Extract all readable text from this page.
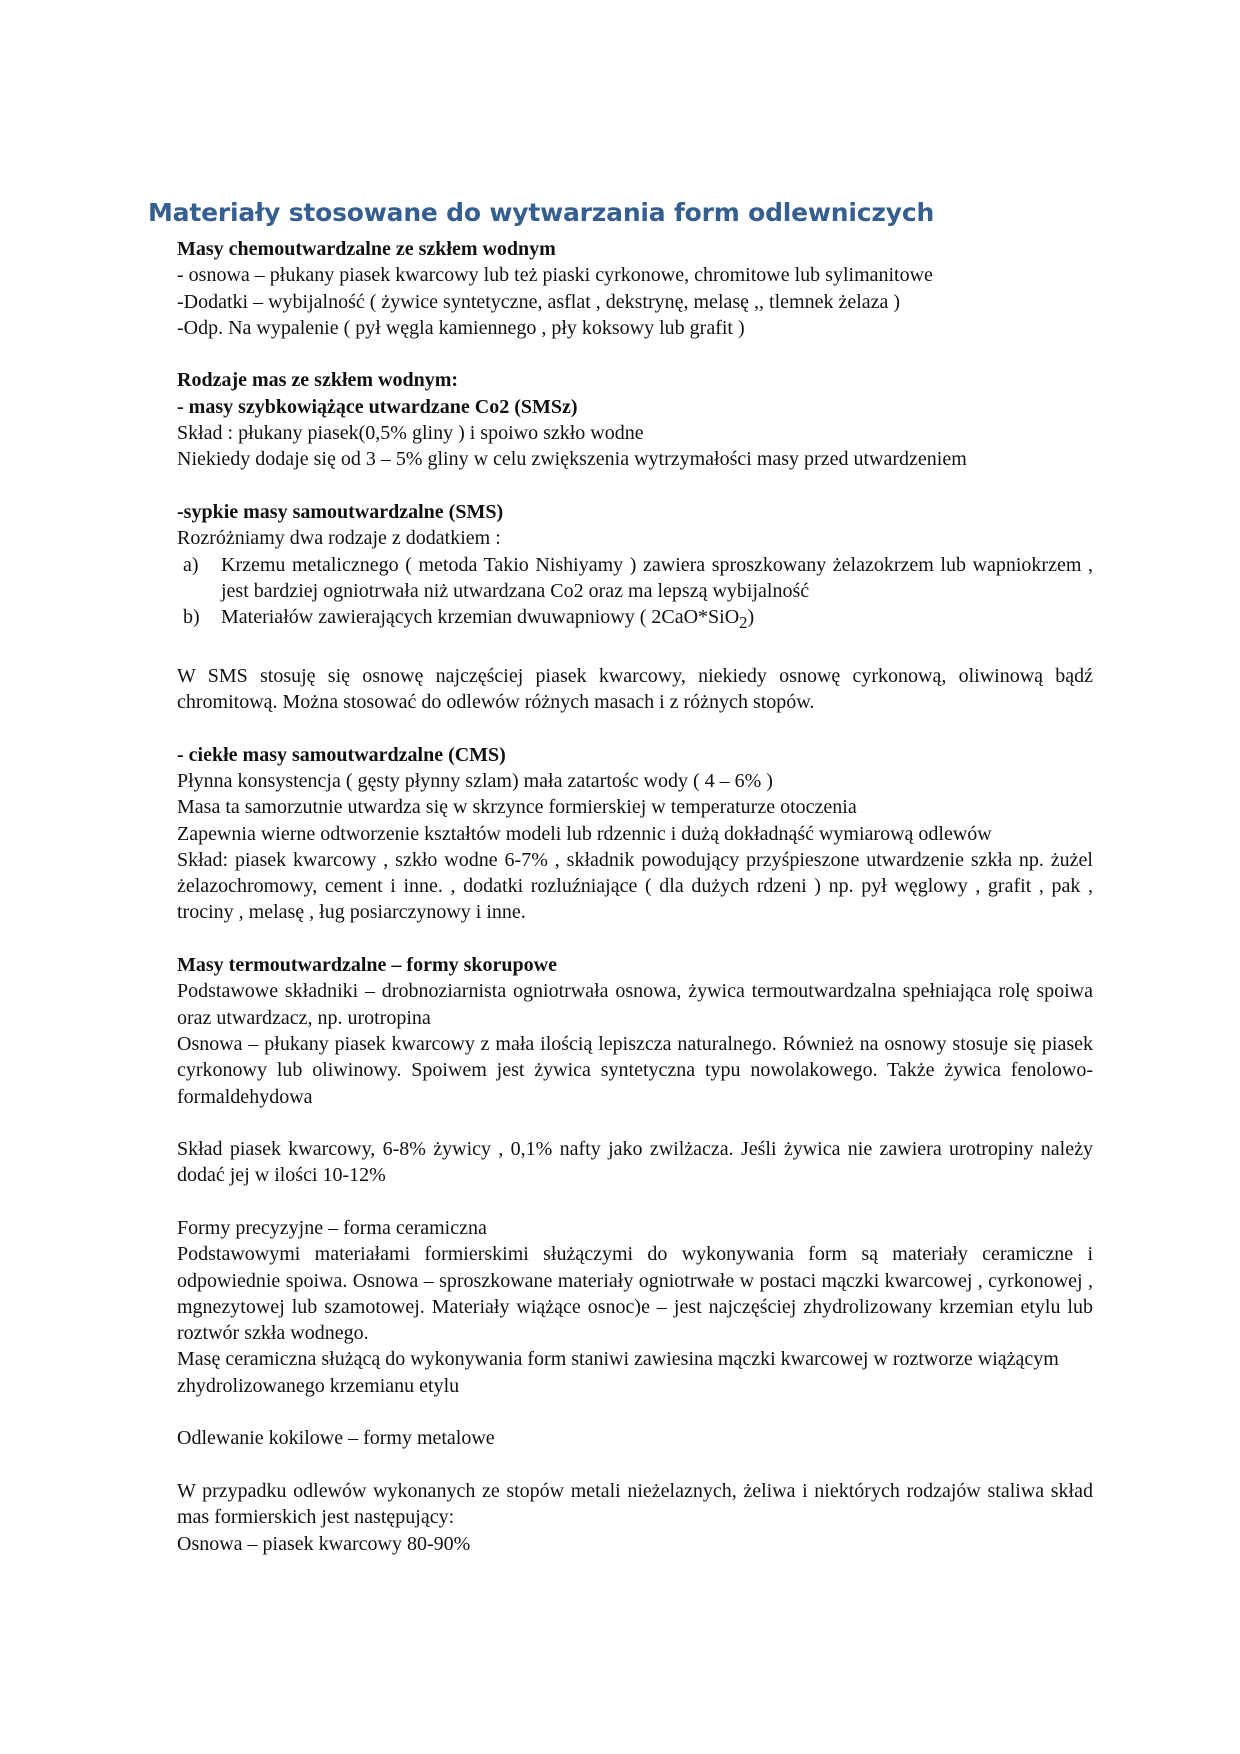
Materiały stosowane do wytwarzania form odlewniczych
Masy chemoutwardzalne ze szkłem wodnym
- osnowa – płukany piasek kwarcowy lub też piaski cyrkonowe, chromitowe lub sylimanitowe
-Dodatki – wybijalność ( żywice syntetyczne, asflat , dekstrynę, melasę ,, tlemnek żelaza )
-Odp. Na wypalenie ( pył węgla kamiennego , pły koksowy lub grafit )
Rodzaje mas ze szkłem wodnym:
- masy szybkowiążące utwardzane Co2 (SMSz)
Skład : płukany piasek(0,5% gliny ) i spoiwo szkło wodne
Niekiedy dodaje się od 3 – 5% gliny w celu zwiększenia wytrzymałości masy przed utwardzeniem
-sypkie masy samoutwardzalne (SMS)
Rozróżniamy dwa rodzaje z dodatkiem :
a) Krzemu metalicznego ( metoda Takio Nishiyamy ) zawiera sproszkowany żelazokrzem lub wapniokrzem , jest bardziej ogniotrwała niż utwardzana Co2 oraz ma lepszą wybijalność
b) Materiałów zawierających krzemian dwuwapniowy ( 2CaO*SiO$_2$)
W SMS stosuję się osnowę najczęściej piasek kwarcowy, niekiedy osnowę cyrkonową, oliwinową bądź chromitową. Można stosować do odlewów różnych masach i z różnych stopów.
- ciekłe masy samoutwardzalne (CMS)
Płynna konsystencja ( gęsty płynny szlam) mała zatartośc wody ( 4 – 6% )
Masa ta samorzutnie utwardza się w skrzynce formierskiej w temperaturze otoczenia
Zapewnia wierne odtworzenie kształtów modeli lub rdzennic i dużą dokładnąść wymiarową odlewów
Skład: piasek kwarcowy , szkło wodne 6-7% , składnik powodujący przyśpieszone utwardzenie szkła np. żużel żelazochromowy, cement i inne. , dodatki rozluźniające ( dla dużych rdzeni ) np. pył węglowy , grafit , pak , trociny , melasę , ług posiarczynowy i inne.
Masy termoutwardzalne – formy skorupowe
Podstawowe składniki – drobnoziarnista ogniotrwała osnowa, żywica termoutwardzalna spełniająca rolę spoiwa oraz utwardzacz, np. urotropina
Osnowa – płukany piasek kwarcowy z mała ilością lepiszcza naturalnego. Również na osnowy stosuje się piasek cyrkonowy lub oliwinowy. Spoiwem jest żywica syntetyczna typu nowolakowego. Także żywica fenolowo- formaldehydowa
Skład piasek kwarcowy, 6-8% żywicy , 0,1% nafty jako zwilżacza. Jeśli żywica nie zawiera urotropiny należy dodać jej w ilości 10-12%
Formy precyzyjne – forma ceramiczna
Podstawowymi materiałami formierskimi służączymi do wykonywania form są materiały ceramiczne i odpowiednie spoiwa. Osnowa – sproszkowane materiały ogniotrwałe w postaci mączki kwarcowej , cyrkonowej , mgnezytowej lub szamotowej. Materiały wiążące osnoc)e – jest najczęściej zhydrolizowany krzemian etylu lub roztwór szkła wodnego.
Masę ceramiczna służącą do wykonywania form staniwi zawiesina mączki kwarcowej w roztworze wiążącym zhydrolizowanego krzemianu etylu
Odlewanie kokilowe – formy metalowe
W przypadku odlewów wykonanych ze stopów metali nieżelaznych, żeliwa i niektórych rodzajów staliwa skład mas formierskich jest następujący:
Osnowa – piasek kwarcowy 80-90%
